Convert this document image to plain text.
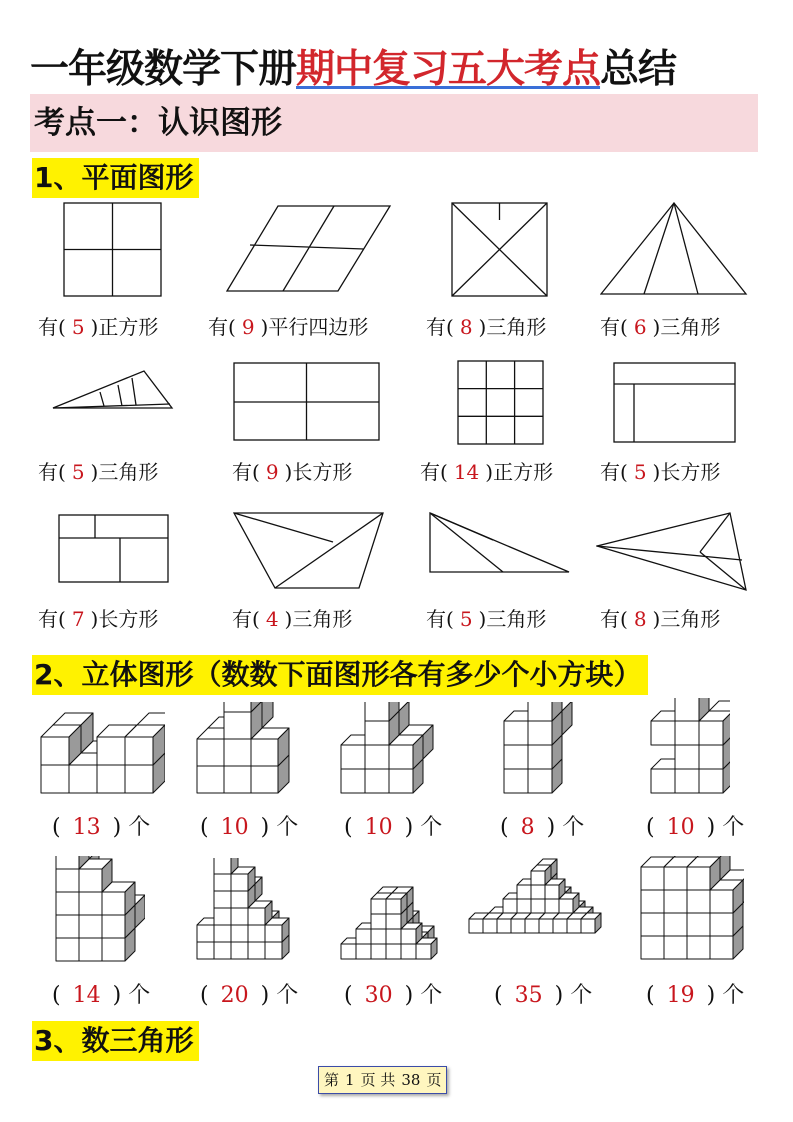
一年级数学下册期中复习五大考点总结
考点一：认识图形
1、平面图形
有( 5 )正方形 有( 9 )平行四边形	有( 8 )三角形	有( 6 )三角形
有( 5 )三角形	有( 9 )长方形	有( 14 )正方形 有( 5 )长方形
有( 7 )长方形	有( 4 )三角形	有( 5 )三角形	有( 8 )三角形
2、立体图形（数数下面图形各有多少个小方块）
( 13 ) 个 ( 10 ) 个 ( 10 ) 个	( 8 ) 个	( 10 ) 个
( 14 ) 个 ( 20 ) 个 ( 30 ) 个 ( 35 ) 个 ( 19 ) 个
3、数三角形
第 1 页 共 38 页
